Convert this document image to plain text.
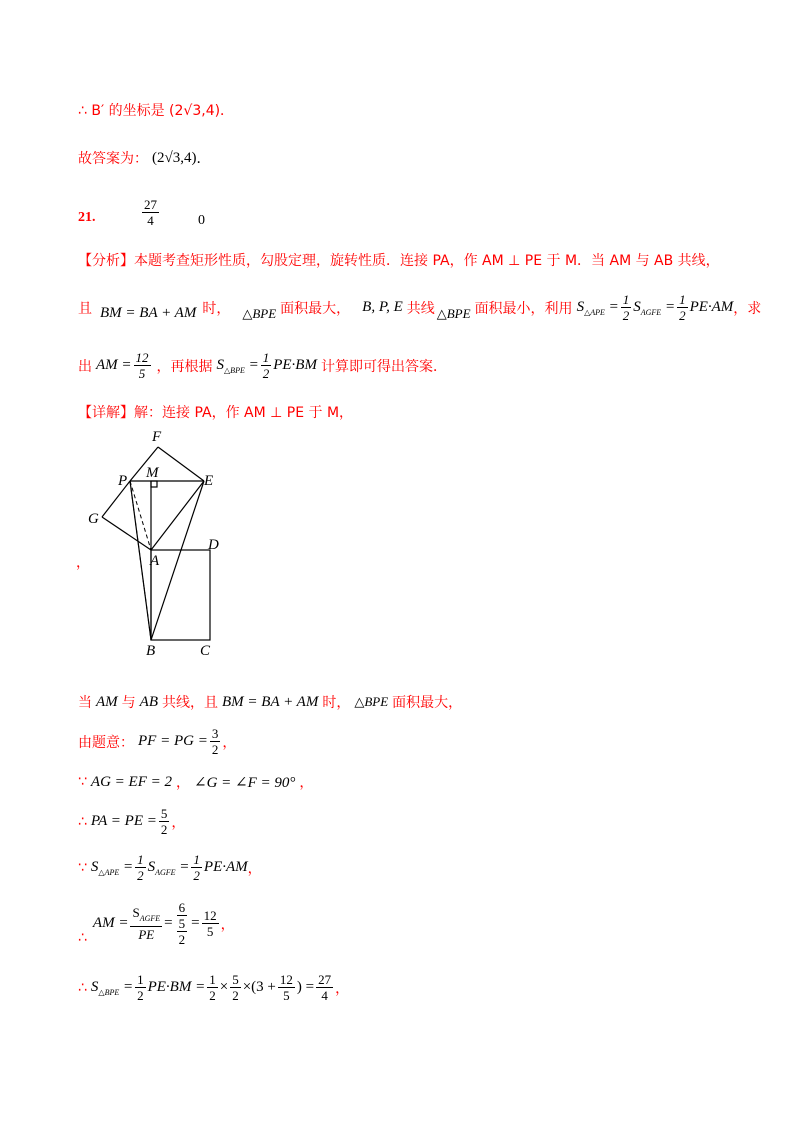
∴ B′ 的坐标是 (2√3,4)．
故答案为： (2√3,4) ．
21.	$\frac{27}{4}$	0
【分析】本题考查矩形性质，勾股定理，旋转性质．连接 PA，作 AM ⊥ PE 于 M．当 AM 与 AB 共线，
且 BM = BA + AM 时， △BPE 面积最大， B, P, E 共线 △BPE 面积最小，利用 $S_{\triangle APE} = \frac{1}{2} S_{AGFE} = \frac{1}{2} PE\cdot AM$ ，求
出 AM = $\frac{12}{5}$ ，再根据 $S_{\triangle BPE} = \frac{1}{2} PE\cdot BM$ 计算即可得出答案．
【详解】解：连接 PA，作 AM ⊥ PE 于 M，
F
P M	E
G
D
A
B	C
，
当 AM 与 AB 共线，且 BM = BA + AM 时， △BPE 面积最大，
由题意： PF = PG = $\frac{3}{2}$ ，
∵ AG = EF = 2 ， ∠G = ∠F = 90° ，
∴ PA = PE = $\frac{5}{2}$ ，
∵ $S_{\triangle APE} = \frac{1}{2} S_{AGFE} = \frac{1}{2} PE\cdot AM$ ，
∴
AM = $\frac{S_{AGFE}}{PE} = \frac{6}{\frac{5}{2}} = \frac{12}{5}$ ，
∴ $S_{\triangle BPE} = \frac{1}{2} PE\cdot BM = \frac{1}{2} \times \frac{5}{2} \times(3 + \frac{12}{5}$ ) = $\frac{27}{4}$ ，
